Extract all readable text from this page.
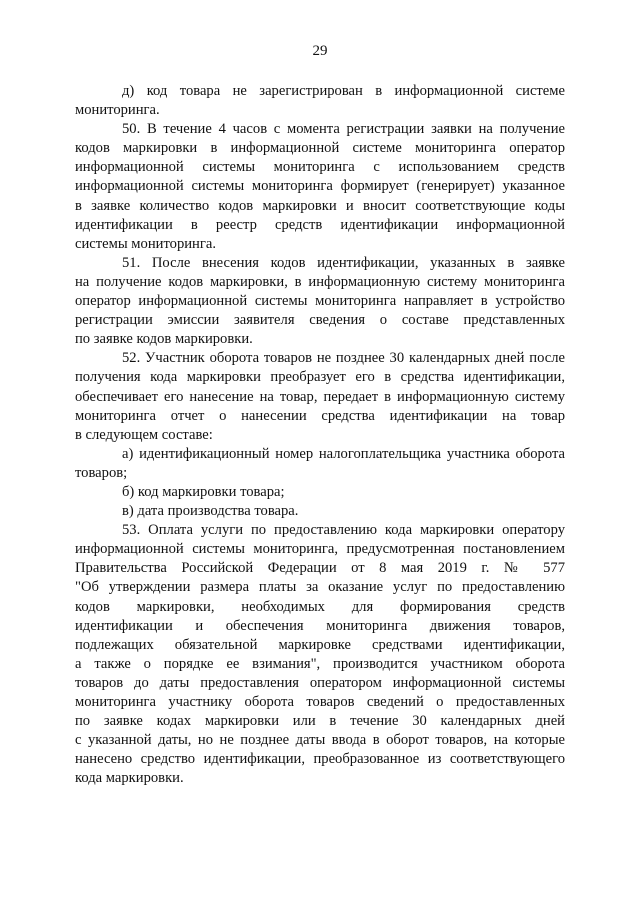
29
д) код товара не зарегистрирован в информационной системе
мониторинга.
50. В течение 4 часов с момента регистрации заявки на получение
кодов маркировки в информационной системе мониторинга оператор
информационной системы мониторинга с использованием средств
информационной системы мониторинга формирует (генерирует) указанное
в заявке количество кодов маркировки и вносит соответствующие коды
идентификации в реестр средств идентификации информационной
системы мониторинга.
51. После внесения кодов идентификации, указанных в заявке
на получение кодов маркировки, в информационную систему мониторинга
оператор информационной системы мониторинга направляет в устройство
регистрации эмиссии заявителя сведения о составе представленных
по заявке кодов маркировки.
52. Участник оборота товаров не позднее 30 календарных дней после
получения кода маркировки преобразует его в средства идентификации,
обеспечивает его нанесение на товар, передает в информационную систему
мониторинга отчет о нанесении средства идентификации на товар
в следующем составе:
а) идентификационный номер налогоплательщика участника оборота
товаров;
б) код маркировки товара;
в) дата производства товара.
53. Оплата услуги по предоставлению кода маркировки оператору
информационной системы мониторинга, предусмотренная постановлением
Правительства Российской Федерации от 8 мая 2019 г. № 577
"Об утверждении размера платы за оказание услуг по предоставлению
кодов маркировки, необходимых для формирования средств
идентификации и обеспечения мониторинга движения товаров,
подлежащих обязательной маркировке средствами идентификации,
а также о порядке ее взимания", производится участником оборота
товаров до даты предоставления оператором информационной системы
мониторинга участнику оборота товаров сведений о предоставленных
по заявке кодах маркировки или в течение 30 календарных дней
с указанной даты, но не позднее даты ввода в оборот товаров, на которые
нанесено средство идентификации, преобразованное из соответствующего
кода маркировки.
